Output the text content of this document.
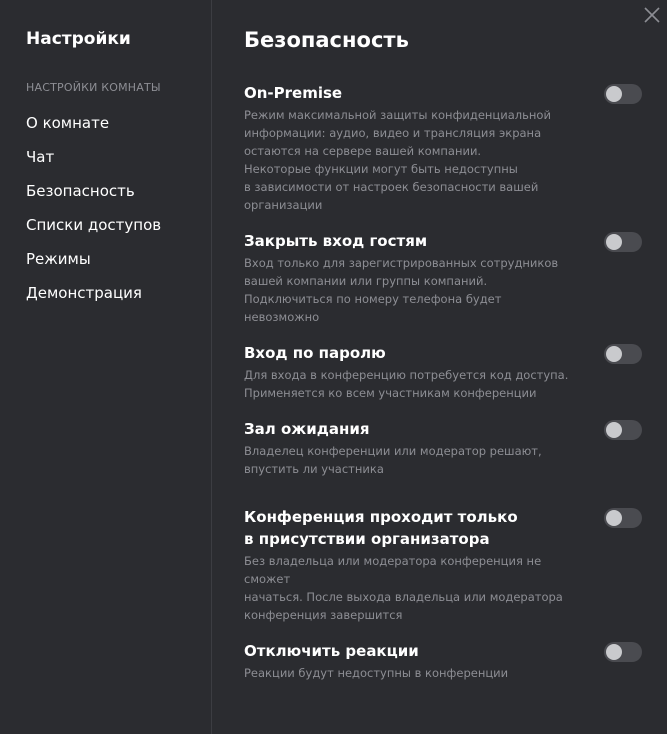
Настройки
НАСТРОЙКИ КОМНАТЫ
О комнате
Чат
Безопасность
Списки доступов
Режимы
Демонстрация
Безопасность
On-Premise
Режим максимальной защиты конфиденциальной
информации: аудио, видео и трансляция экрана
остаются на сервере вашей компании.
Некоторые функции могут быть недоступны
в зависимости от настроек безопасности вашей
организации
Закрыть вход гостям
Вход только для зарегистрированных сотрудников
вашей компании или группы компаний.
Подключиться по номеру телефона будет
невозможно
Вход по паролю
Для входа в конференцию потребуется код доступа.
Применяется ко всем участникам конференции
Зал ожидания
Владелец конференции или модератор решают,
впустить ли участника
Конференция проходит только
в присутствии организатора
Без владельца или модератора конференция не сможет
начаться. После выхода владельца или модератора
конференция завершится
Отключить реакции
Реакции будут недоступны в конференции
